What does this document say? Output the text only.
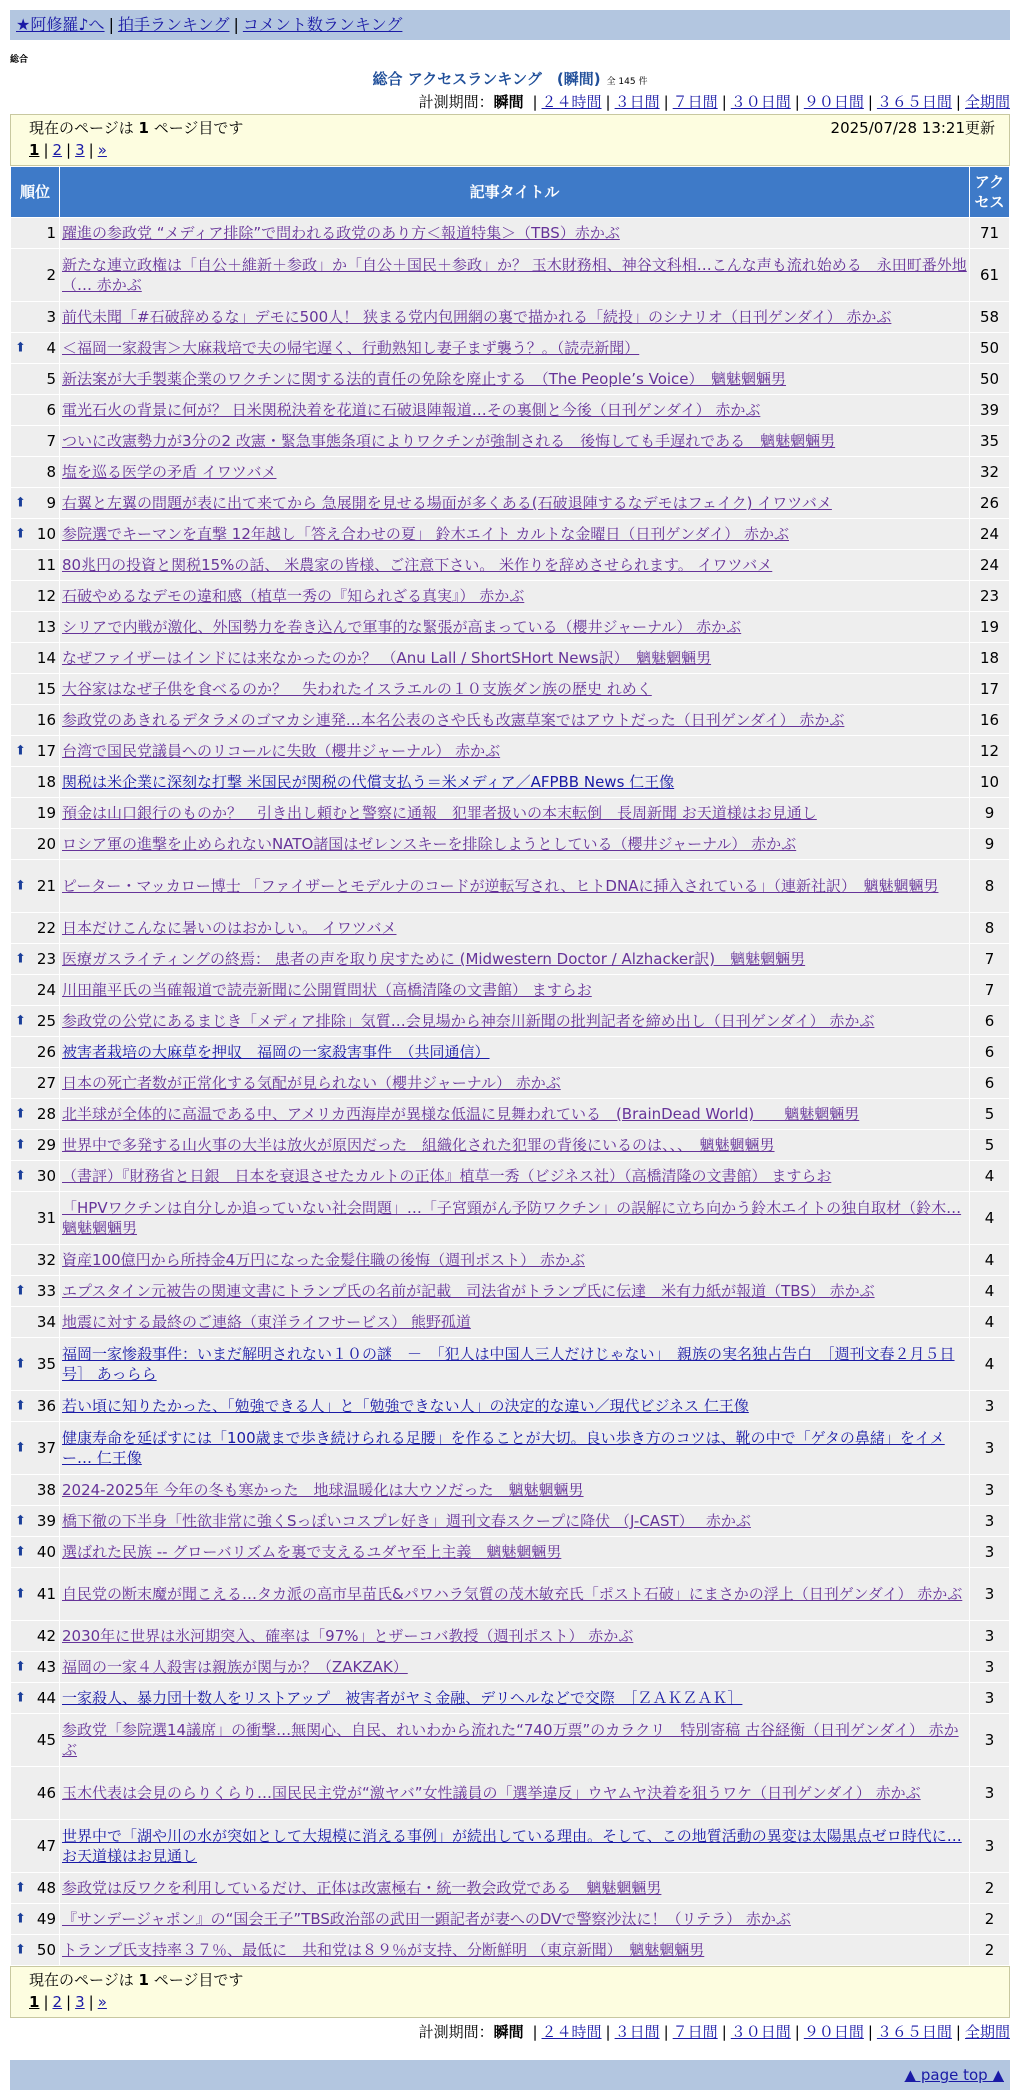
★阿修羅♪へ | 拍手ランキング | コメント数ランキング
総合
総合 アクセスランキング　(瞬間) 全 145 件
計測期間：瞬間 | ２４時間 | ３日間 | ７日間 | ３０日間 | ９０日間 | ３６５日間 | 全期間
現在のページは 1 ページ目です	2025/07/28 13:21更新
1 | 2 | 3 | »
順位	記事タイトル	アクセス
1	躍進の参政党 “メディア排除”で問われる政党のあり方＜報道特集＞（TBS）赤かぶ	71
2	新たな連立政権は「自公＋維新＋参政」か「自公＋国民＋参政」か？ 玉木財務相、神谷文科相…こんな声も流れ始める　永田町番外地（… 赤かぶ	61
3	前代未聞「#石破辞めるな」デモに500人！ 狭まる党内包囲網の裏で描かれる「続投」のシナリオ（日刊ゲンダイ） 赤かぶ	58

⬆ 4	＜福岡一家殺害＞大麻栽培で夫の帰宅遅く、行動熟知し妻子まず襲う？。（読売新聞）	50
5	新法案が大手製薬企業のワクチンに関する法的責任の免除を廃止する　（The People’s Voice）　魑魅魍魎男	50
6	電光石火の背景に何が？ 日米関税決着を花道に石破退陣報道…その裏側と今後（日刊ゲンダイ） 赤かぶ	39
7	ついに改憲勢力が3分の2 改憲・緊急事態条項によりワクチンが強制される　後悔しても手遅れである　魑魅魍魎男	35
8	塩を巡る医学の矛盾 イワツバメ	32

⬆ 9	右翼と左翼の問題が表に出て来てから 急展開を見せる場面が多くある(石破退陣するなデモはフェイク) イワツバメ	26

⬆ 10	参院選でキーマンを直撃 12年越し「答え合わせの夏」 鈴木エイト カルトな金曜日（日刊ゲンダイ） 赤かぶ	24
11	80兆円の投資と関税15%の話、 米農家の皆様、ご注意下さい。 米作りを辞めさせられます。 イワツバメ	24
12	石破やめるなデモの違和感（植草一秀の『知られざる真実』） 赤かぶ	23
13	シリアで内戦が激化、外国勢力を巻き込んで軍事的な緊張が高まっている（櫻井ジャーナル） 赤かぶ	19
14	なぜファイザーはインドには来なかったのか？ （Anu Lall / ShortSHort News訳）　魑魅魍魎男	18
15	大谷家はなぜ子供を食べるのか？　失われたイスラエルの１０支族ダン族の歴史 れめく	17
16	参政党のあきれるデタラメのゴマカシ連発…本名公表のさや氏も改憲草案ではアウトだった（日刊ゲンダイ） 赤かぶ	16

⬆ 17	台湾で国民党議員へのリコールに失敗（櫻井ジャーナル） 赤かぶ	12
18	関税は米企業に深刻な打撃 米国民が関税の代償支払う＝米メディア／AFPBB News 仁王像	10
19	預金は山口銀行のものか？　引き出し頼むと警察に通報　犯罪者扱いの本末転倒　長周新聞 お天道様はお見通し	9
20	ロシア軍の進撃を止められないNATO諸国はゼレンスキーを排除しようとしている（櫻井ジャーナル） 赤かぶ	9

⬆ 21	ピーター・マッカロー博士 「ファイザーとモデルナのコードが逆転写され、ヒトDNAに挿入されている」（連新社訳）　魑魅魍魎男	8
22	日本だけこんなに暑いのはおかしい。 イワツバメ	8

⬆ 23	医療ガスライティングの終焉： 患者の声を取り戻すために (Midwestern Doctor / Alzhacker訳)　魑魅魍魎男	7
24	川田龍平氏の当確報道で読売新聞に公開質問状（高橋清隆の文書館） ますらお	7

⬆ 25	参政党の公党にあるまじき「メディア排除」気質…会見場から神奈川新聞の批判記者を締め出し（日刊ゲンダイ） 赤かぶ	6
26	被害者栽培の大麻草を押収　福岡の一家殺害事件　（共同通信）	6
27	日本の死亡者数が正常化する気配が見られない（櫻井ジャーナル） 赤かぶ	6

⬆ 28	北半球が全体的に高温である中、アメリカ西海岸が異様な低温に見舞われている　(BrainDead World)　　魑魅魍魎男	5

⬆ 29	世界中で多発する山火事の大半は放火が原因だった　組織化された犯罪の背後にいるのは、、、　魑魅魍魎男	5

⬆ 30	（書評）『財務省と日銀　日本を衰退させたカルトの正体』植草一秀（ビジネス社）（高橋清隆の文書館） ますらお	4
31	「HPVワクチンは自分しか追っていない社会問題」…「子宮頸がん予防ワクチン」の誤解に立ち向かう鈴木エイトの独自取材（鈴木… 魑魅魍魎男	4
32	資産100億円から所持金4万円になった金髪住職の後悔（週刊ポスト） 赤かぶ	4

⬆ 33	エプスタイン元被告の関連文書にトランプ氏の名前が記載　司法省がトランプ氏に伝達　米有力紙が報道（TBS） 赤かぶ	4
34	地震に対する最終のご連絡（東洋ライフサービス） 熊野孤道	4

⬆ 35	福岡一家惨殺事件：いまだ解明されない１０の謎　－　「犯人は中国人三人だけじゃない」　親族の実名独占告白　［週刊文春２月５日号］ あっらら	4

⬆ 36	若い頃に知りたかった、「勉強できる人」と「勉強できない人」の決定的な違い／現代ビジネス 仁王像	3

⬆ 37	健康寿命を延ばすには「100歳まで歩き続けられる足腰」を作ることが大切。良い歩き方のコツは、靴の中で「ゲタの鼻緒」をイメー… 仁王像	3
38	2024-2025年 今年の冬も寒かった　地球温暖化は大ウソだった　魑魅魍魎男	3

⬆ 39	橋下徹の下半身「性欲非常に強くSっぽいコスプレ好き」週刊文春スクープに降伏 （J-CAST）　 赤かぶ	3

⬆ 40	選ばれた民族 -- グローバリズムを裏で支えるユダヤ至上主義　魑魅魍魎男	3

⬆ 41	自民党の断末魔が聞こえる…タカ派の高市早苗氏&パワハラ気質の茂木敏充氏「ポスト石破」にまさかの浮上（日刊ゲンダイ） 赤かぶ	3
42	2030年に世界は氷河期突入、確率は「97%」とザーコバ教授（週刊ポスト） 赤かぶ	3

⬆ 43	福岡の一家４人殺害は親族が関与か？（ZAKZAK）	3

⬆ 44	一家殺人、暴力団十数人をリストアップ　被害者がヤミ金融、デリヘルなどで交際　［ＺＡＫＺＡＫ］	3
45	参政党「参院選14議席」の衝撃…無関心、自民、れいわから流れた“740万票”のカラクリ　特別寄稿 古谷経衡（日刊ゲンダイ） 赤かぶ	3
46	玉木代表は会見のらりくらり…国民民主党が“激ヤバ”女性議員の「選挙違反」ウヤムヤ決着を狙うワケ（日刊ゲンダイ） 赤かぶ	3
47	世界中で「湖や川の水が突如として大規模に消える事例」が続出している理由。そして、この地質活動の異変は太陽黒点ゼロ時代に… お天道様はお見通し	3

⬆ 48	参政党は反ワクを利用しているだけ、正体は改憲極右・統一教会政党である　魑魅魍魎男	2

⬆ 49	『サンデージャポン』の“国会王子”TBS政治部の武田一顕記者が妻へのDVで警察沙汰に！（リテラ） 赤かぶ	2

⬆ 50	トランプ氏支持率３７％、最低に　共和党は８９％が支持、分断鮮明 （東京新聞）　魑魅魍魎男	2
現在のページは 1 ページ目です
1 | 2 | 3 | »
計測期間：瞬間 | ２４時間 | ３日間 | ７日間 | ３０日間 | ９０日間 | ３６５日間 | 全期間
▲ page top ▲
